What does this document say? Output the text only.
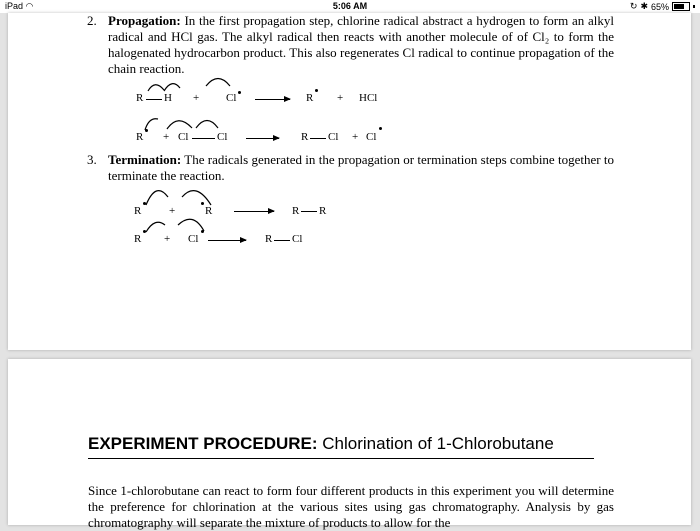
iPad ◠	5:06 AM	↻ ✱ 65%
2. Propagation: In the first propagation step, chlorine radical abstract a hydrogen to form an alkyl radical and HCl gas. The alkyl radical then reacts with another molecule of of Cl₂ to form the halogenated hydrocarbon product. This also regenerates Cl radical to continue propagation of the chain reaction.
R H + Cl	R + HCl
R + Cl	Cl	R Cl + Cl
3. Termination: The radicals generated in the propagation or termination steps combine together to terminate the reaction.
R	+	R	R R
R + Cl	R Cl
EXPERIMENT PROCEDURE: Chlorination of 1-Chlorobutane
Since 1-chlorobutane can react to form four different products in this experiment you will determine the preference for chlorination at the various sites using gas chromatography. Analysis by gas chromatography will separate the mixture of products to allow for the
